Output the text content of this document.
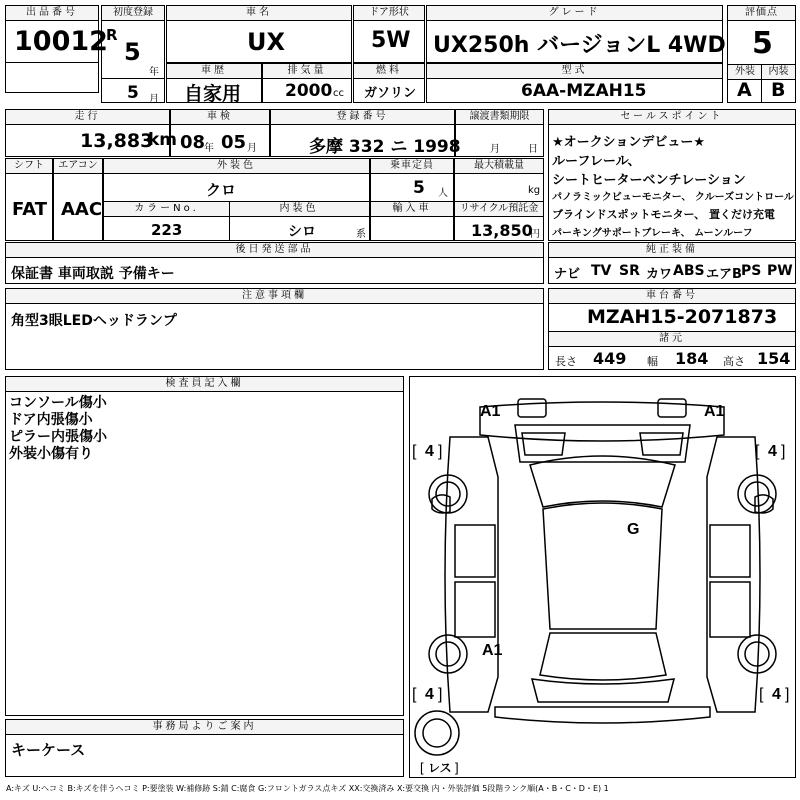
出品番号
10012
初度登録
R
5
年
5 月
車名
UX
ドア形状
5W
グレード
UX250h バージョンL 4WD
評価点
5
外装	内装
A B
車歴
自家用
排気量
2000 cc
燃料
ガソリン
型式
6AA-MZAH15
走行
13,883
km
車検
08
年 05 月
登録番号
多摩 332 ニ 1998
譲渡書類期限
月	日
シフト
FAT
エアコン
AAC
外装色
クロ
カラーNo.	内装色
223	シロ	系
乗車定員
5 人
輸入車
最大積載量
kg
リサイクル預託金
13,850
円
後日発送部品
保証書 車両取説 予備キー
セールスポイント
★オークションデビュー★
ルーフレール、
シートヒーターベンチレーション
パノラミックビューモニター、 クルーズコントロール
ブラインドスポットモニター、 置くだけ充電
パーキングサポートブレーキ、 ムーンルーフ
純正装備
ナビ TV SR カワ ABS エアB PS PW
注意事項欄
角型3眼LEDヘッドランプ
車台番号
MZAH15-2071873
諸元
長さ 449 幅 184 高さ 154
検査員記入欄
コンソール傷小
ドア内張傷小
ピラー内張傷小
外装小傷有り
事務局よりご案内
キーケース
A1	A1
G
A1
4	4
4	4
[ ]	[ ]
[ ]	[ ]
レス
[ ]
A:キズ U:ヘコミ B:キズを伴うヘコミ P:要塗装 W:補修跡 S:錆 C:腐食 G:フロントガラス点キズ XX:交換済み X:要交換 内・外装評価 5段階ランク順(A・B・C・D・E) 1
